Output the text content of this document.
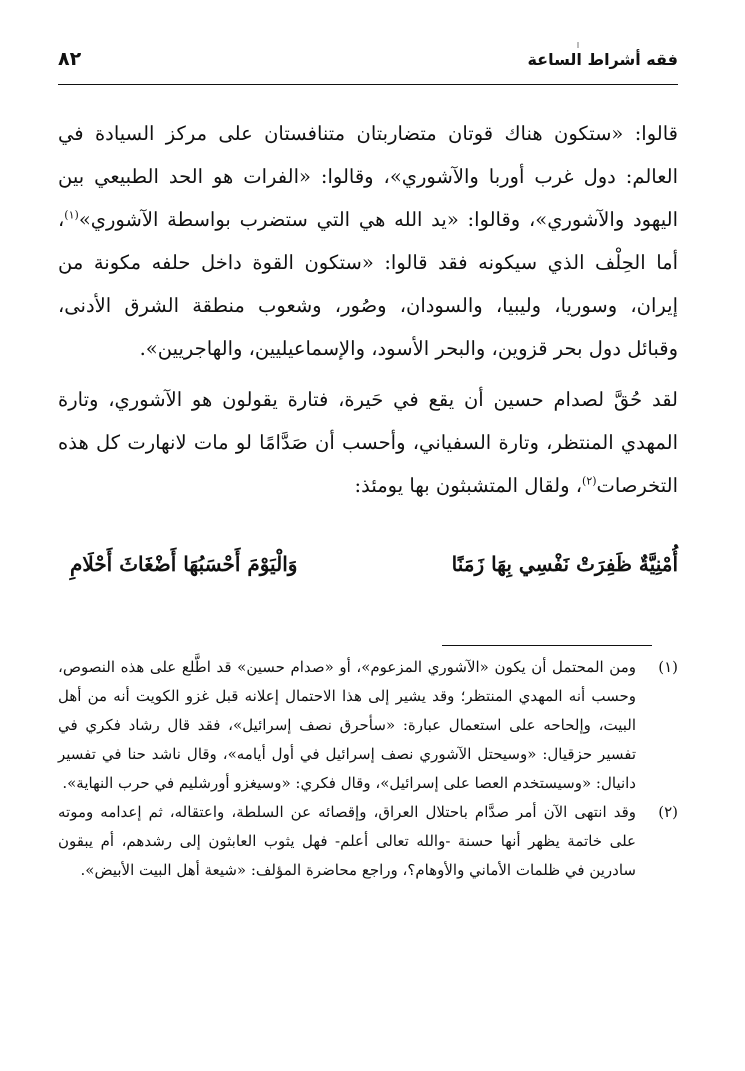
فقه أشراط الساعة
٨٢

قالوا: «ستكون هناك قوتان متضاربتان متنافستان على مركز السيادة في العالم: دول غرب أوربا والآشوري»، وقالوا: «الفرات هو الحد الطبيعي بين اليهود والآشوري»، وقالوا: «يد الله هي التي ستضرب بواسطة الآشوري»$^{(١)}$، أما الحِلْف الذي سيكونه فقد قالوا: «ستكون القوة داخل حلفه مكونة من إيران، وسوريا، وليبيا، والسودان، وصُور، وشعوب منطقة الشرق الأدنى، وقبائل دول بحر قزوين، والبحر الأسود، والإسماعيليين، والهاجريين».

لقد حُقَّ لصدام حسين أن يقع في حَيرة، فتارة يقولون هو الآشوري، وتارة المهدي المنتظر، وتارة السفياني، وأحسب أن صَدَّامًا لو مات لانهارت كل هذه التخرصات$^{(٢)}$، ولقال المتشبثون بها يومئذ:

أُمْنِيَّةٌ ظَفِرَتْ نَفْسِي بِهَا زَمَنًا
وَالْيَوْمَ أَحْسَبُهَا أَضْغَاثَ أَحْلَامِ
(١)
ومن المحتمل أن يكون «الآشوري المزعوم»، أو «صدام حسين» قد اطَّلع على هذه النصوص، وحسب أنه المهدي المنتظر؛ وقد يشير إلى هذا الاحتمال إعلانه قبل غزو الكويت أنه من أهل البيت، وإلحاحه على استعمال عبارة: «سأحرق نصف إسرائيل»، فقد قال رشاد فكري في تفسير حزقيال: «وسيحتل الآشوري نصف إسرائيل في أول أيامه»، وقال ناشد حنا في تفسير دانيال: «وسيستخدم العصا على إسرائيل»، وقال فكري: «وسيغزو أورشليم في حرب النهاية».
(٢)
وقد انتهى الآن أمر صدَّام باحتلال العراق، وإقصائه عن السلطة، واعتقاله، ثم إعدامه وموته على خاتمة يظهر أنها حسنة -والله تعالى أعلم- فهل يثوب العابثون إلى رشدهم، أم يبقون سادرين في ظلمات الأماني والأوهام؟، وراجع محاضرة المؤلف: «شيعة أهل البيت الأبيض».
